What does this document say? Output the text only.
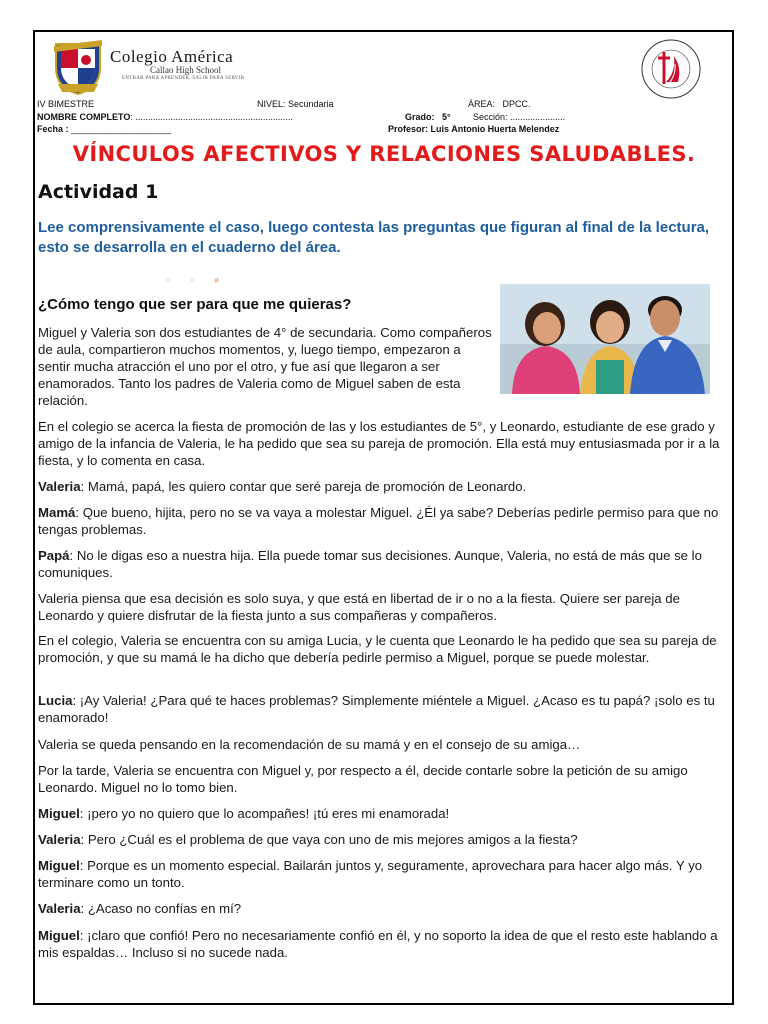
Colegio América
Callao High School
ENTRAR PARA APRENDER, SALIR PARA SERVIR
IV BIMESTRE	NIVEL: Secundaria	ÁREA: DPCC.
NOMBRE COMPLETO: ...............................................................	Grado: 5°	Sección: ......................
Fecha : ____________________	Profesor: Luis Antonio Huerta Melendez
VÍNCULOS AFECTIVOS Y RELACIONES SALUDABLES.
Actividad 1
Lee comprensivamente el caso, luego contesta las preguntas que figuran al final de la lectura, esto se desarrolla en el cuaderno del área.
○○⌀
¿Cómo tengo que ser para que me quieras?

Miguel y Valeria son dos estudiantes de 4° de secundaria. Como compañeros de aula, compartieron muchos momentos, y, luego tiempo, empezaron a sentir mucha atracción el uno por el otro, y fue así que llegaron a ser enamorados. Tanto los padres de Valeria como de Miguel saben de esta relación.

En el colegio se acerca la fiesta de promoción de las y los estudiantes de 5°, y Leonardo, estudiante de ese grado y amigo de la infancia de Valeria, le ha pedido que sea su pareja de promoción. Ella está muy entusiasmada por ir a la fiesta, y lo comenta en casa.

Valeria: Mamá, papá, les quiero contar que seré pareja de promoción de Leonardo.

Mamá: Que bueno, hijita, pero no se va vaya a molestar Miguel. ¿Él ya sabe? Deberías pedirle permiso para que no tengas problemas.

Papá: No le digas eso a nuestra hija. Ella puede tomar sus decisiones. Aunque, Valeria, no está de más que se lo comuniques.

Valeria piensa que esa decisión es solo suya, y que está en libertad de ir o no a la fiesta. Quiere ser pareja de Leonardo y quiere disfrutar de la fiesta junto a sus compañeras y compañeros.

En el colegio, Valeria se encuentra con su amiga Lucia, y le cuenta que Leonardo le ha pedido que sea su pareja de promoción, y que su mamá le ha dicho que debería pedirle permiso a Miguel, porque se puede molestar.

Lucia: ¡Ay Valeria! ¿Para qué te haces problemas? Simplemente miéntele a Miguel. ¿Acaso es tu papá? ¡solo es tu enamorado!

Valeria se queda pensando en la recomendación de su mamá y en el consejo de su amiga…

Por la tarde, Valeria se encuentra con Miguel y, por respecto a él, decide contarle sobre la petición de su amigo Leonardo. Miguel no lo tomo bien.

Miguel: ¡pero yo no quiero que lo acompañes! ¡tú eres mi enamorada!

Valeria: Pero ¿Cuál es el problema de que vaya con uno de mis mejores amigos a la fiesta?

Miguel: Porque es un momento especial. Bailarán juntos y, seguramente, aprovechara para hacer algo más. Y yo terminare como un tonto.

Valeria: ¿Acaso no confías en mí?

Miguel: ¡claro que confió! Pero no necesariamente confió en él, y no soporto la idea de que el resto este hablando a mis espaldas… Incluso si no sucede nada.
